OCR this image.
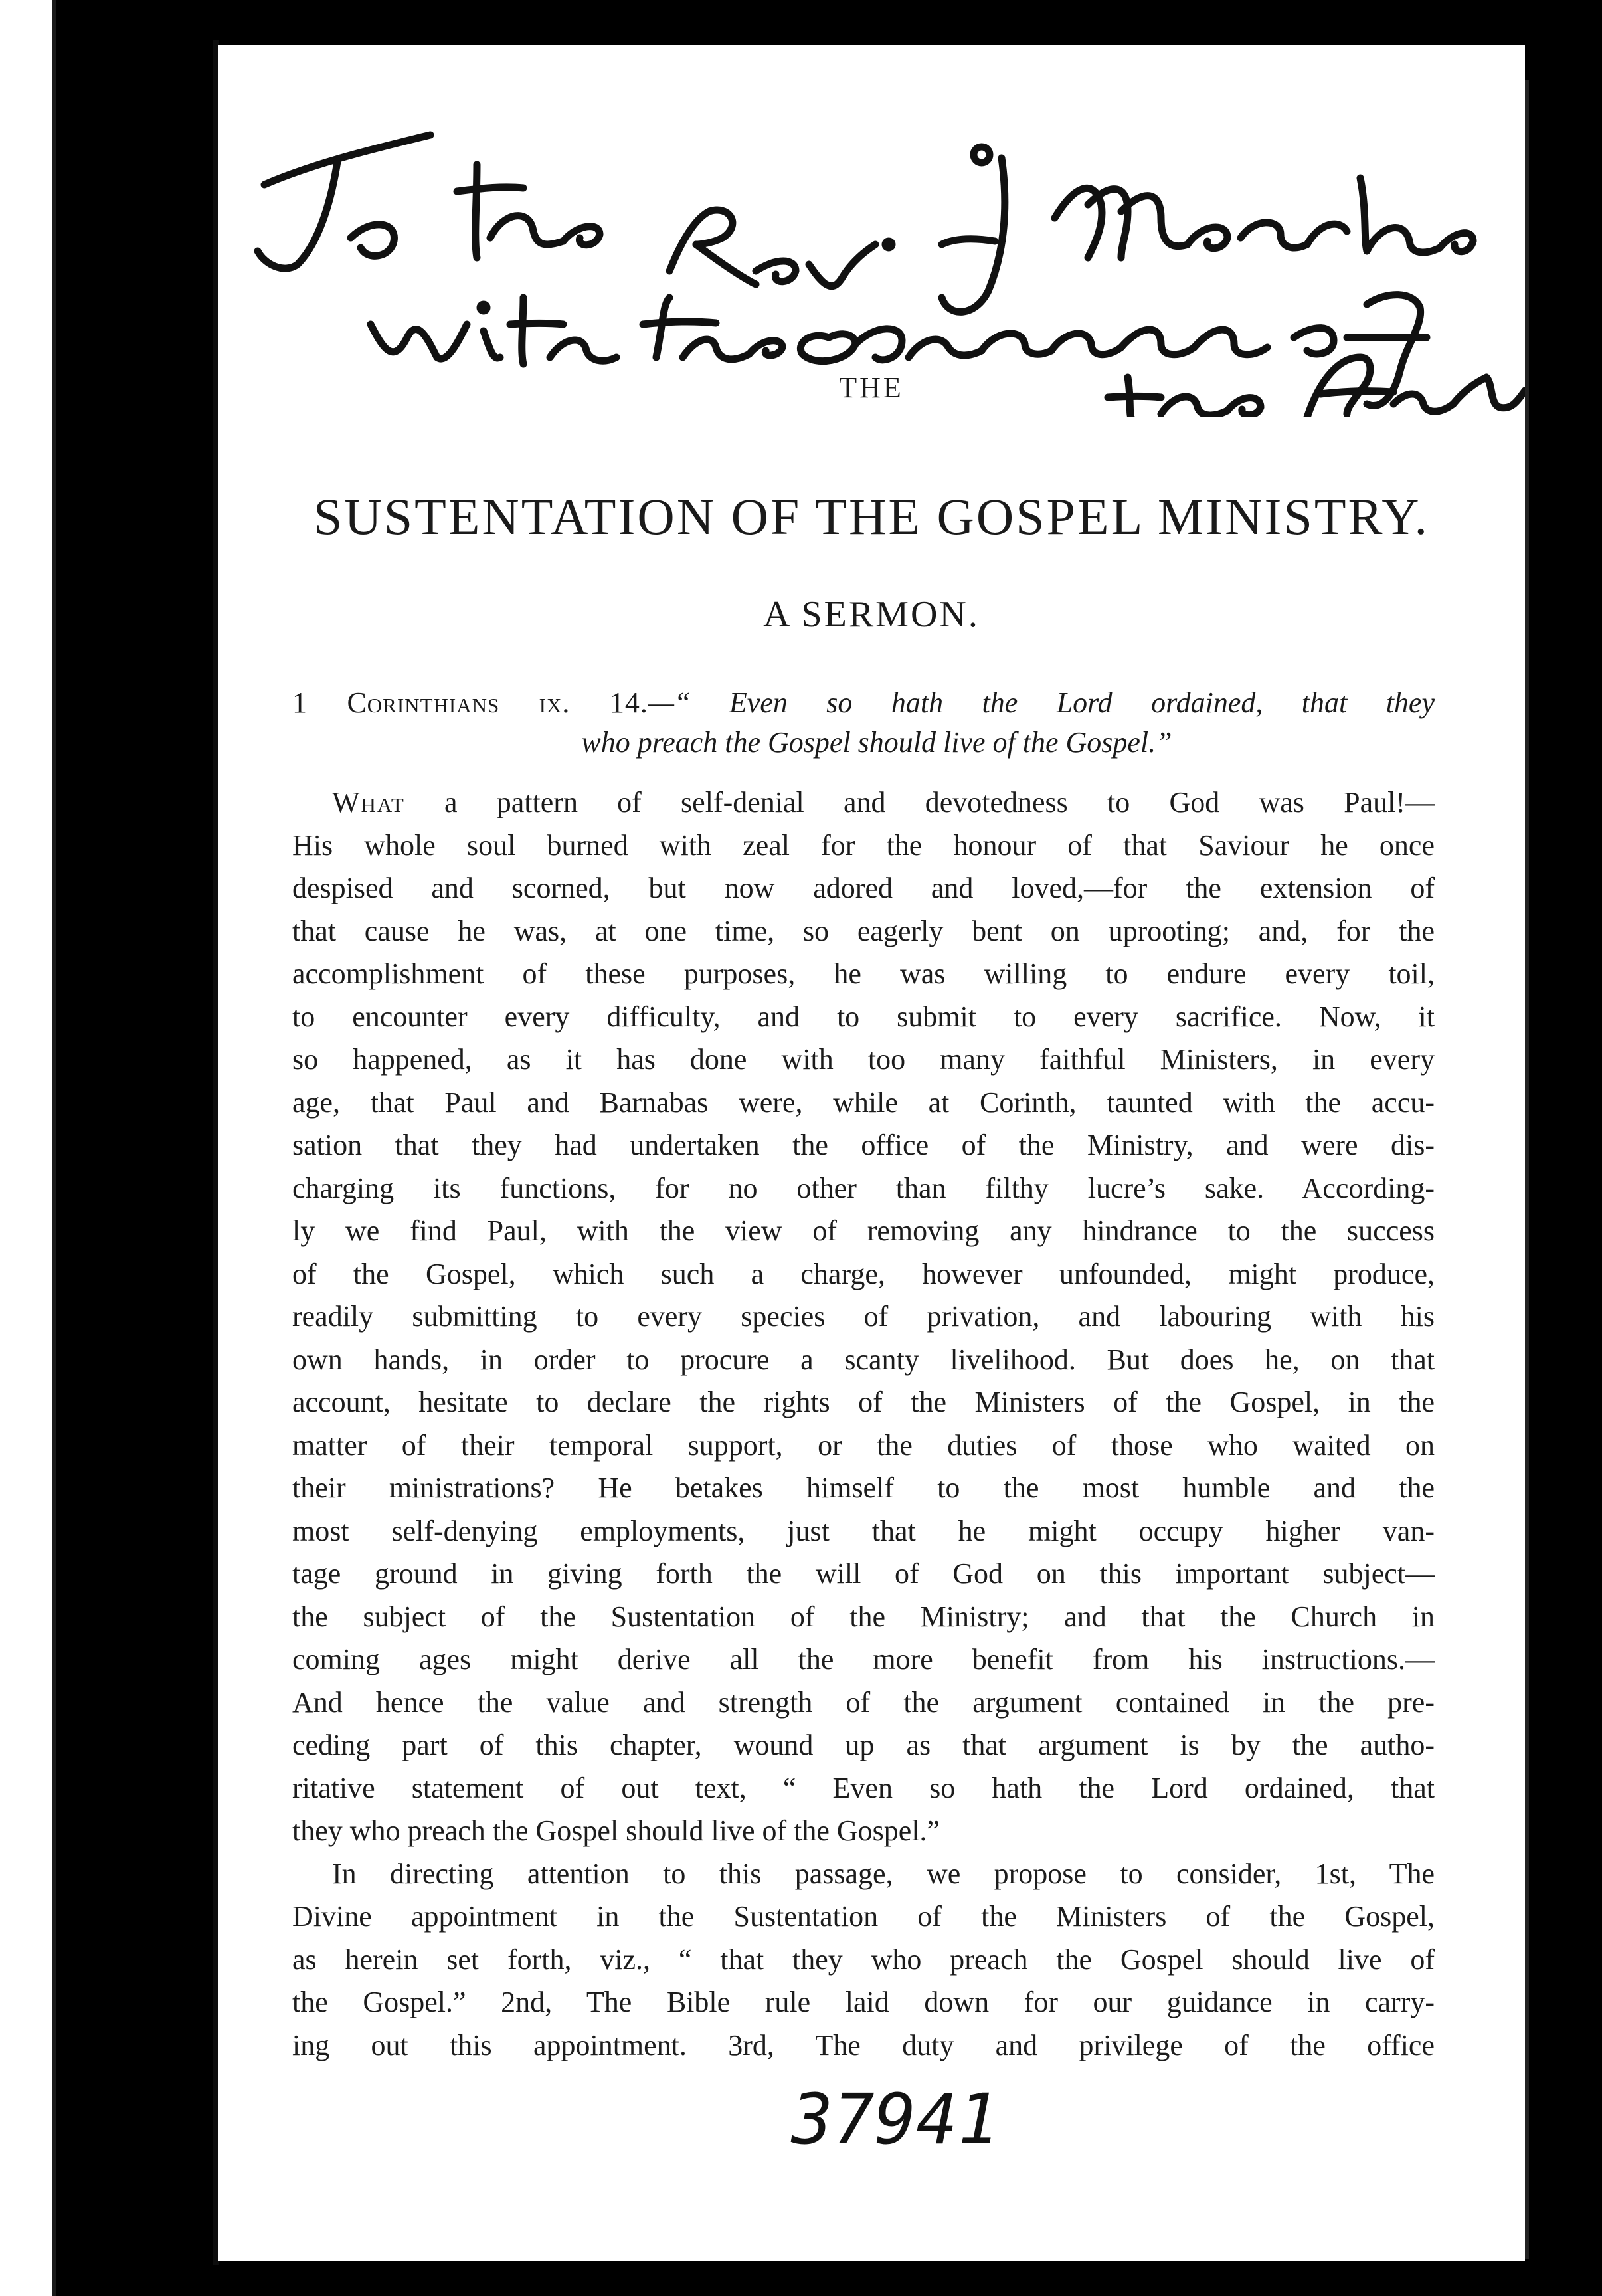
THE
SUSTENTATION OF THE GOSPEL MINISTRY.
A SERMON.
1 Corinthians ix. 14.—“ Even so hath the Lord ordained, that they
who preach the Gospel should live of the Gospel.”
What a pattern of self-denial and devotedness to God was Paul!—
His whole soul burned with zeal for the honour of that Saviour he once
despised and scorned, but now adored and loved,—for the extension of
that cause he was, at one time, so eagerly bent on uprooting; and, for the
accomplishment of these purposes, he was willing to endure every toil,
to encounter every difficulty, and to submit to every sacrifice. Now, it
so happened, as it has done with too many faithful Ministers, in every
age, that Paul and Barnabas were, while at Corinth, taunted with the accu-
sation that they had undertaken the office of the Ministry, and were dis-
charging its functions, for no other than filthy lucre’s sake. According-
ly we find Paul, with the view of removing any hindrance to the success
of the Gospel, which such a charge, however unfounded, might produce,
readily submitting to every species of privation, and labouring with his
own hands, in order to procure a scanty livelihood. But does he, on that
account, hesitate to declare the rights of the Ministers of the Gospel, in the
matter of their temporal support, or the duties of those who waited on
their ministrations? He betakes himself to the most humble and the
most self-denying employments, just that he might occupy higher van-
tage ground in giving forth the will of God on this important subject—
the subject of the Sustentation of the Ministry; and that the Church in
coming ages might derive all the more benefit from his instructions.—
And hence the value and strength of the argument contained in the pre-
ceding part of this chapter, wound up as that argument is by the autho-
ritative statement of out text, “ Even so hath the Lord ordained, that
they who preach the Gospel should live of the Gospel.”
In directing attention to this passage, we propose to consider, 1st, The
Divine appointment in the Sustentation of the Ministers of the Gospel,
as herein set forth, viz., “ that they who preach the Gospel should live of
the Gospel.” 2nd, The Bible rule laid down for our guidance in carry-
ing out this appointment. 3rd, The duty and privilege of the office
37941
